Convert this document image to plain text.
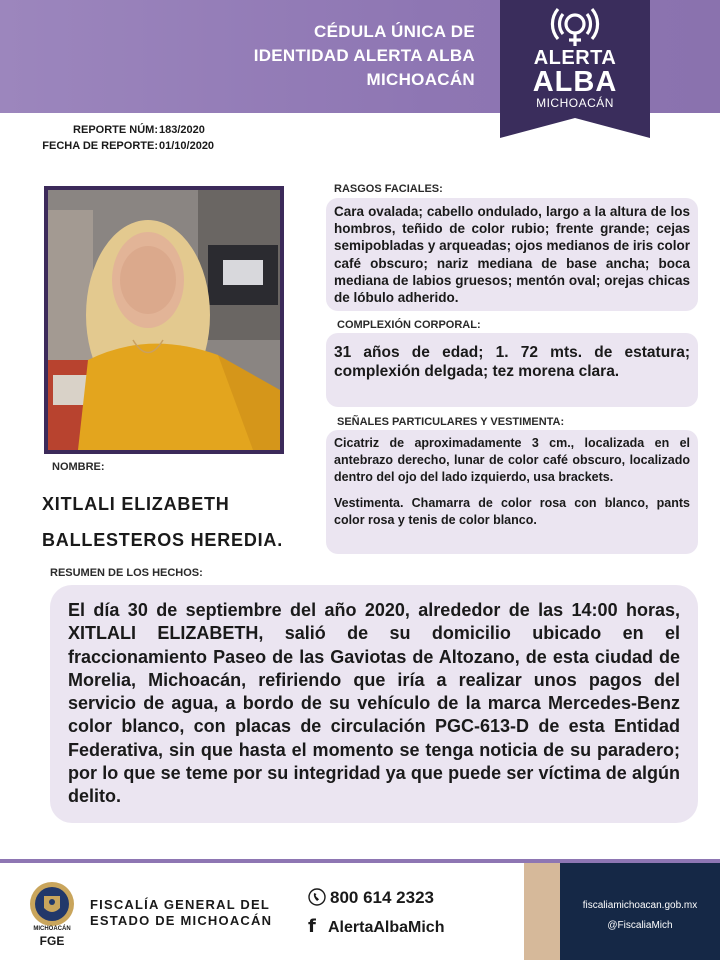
CÉDULA ÚNICA DE
IDENTIDAD ALERTA ALBA
MICHOACÁN
ALERTA
ALBA
MICHOACÁN
REPORTE NÚM:
FECHA DE REPORTE:
183/2020
01/10/2020
NOMBRE:
XITLALI ELIZABETH
BALLESTEROS HEREDIA.
RASGOS FACIALES:
Cara ovalada; cabello ondulado, largo a la altura de los hombros, teñido de color rubio; frente grande; cejas semipobladas y arqueadas; ojos medianos de iris color café obscuro; nariz mediana de base ancha; boca mediana de labios gruesos; mentón oval; orejas chicas de lóbulo adherido.
COMPLEXIÓN CORPORAL:
31 años de edad; 1. 72 mts. de estatura; complexión delgada; tez morena clara.
SEÑALES PARTICULARES Y VESTIMENTA:
Cicatriz de aproximadamente 3 cm., localizada en el antebrazo derecho, lunar de color café obscuro, localizado dentro del ojo del lado izquierdo, usa brackets.
Vestimenta. Chamarra de color rosa con blanco, pants color rosa y tenis de color blanco.
RESUMEN DE LOS HECHOS:

El día 30 de septiembre del año 2020, alrededor de las 14:00 horas, XITLALI ELIZABETH, salió de su domicilio ubicado en el fraccionamiento Paseo de las Gaviotas de Altozano, de esta ciudad de Morelia, Michoacán, refiriendo que iría a realizar unos pagos del servicio de agua, a bordo de su vehículo de la marca Mercedes-Benz color blanco, con placas de circulación PGC-613-D de esta Entidad Federativa, sin que hasta el momento se tenga noticia de su paradero; por lo que se teme por su integridad ya que puede ser víctima de algún delito.

MICHOACÁN
FGE
FISCALÍA GENERAL DEL
ESTADO DE MICHOACÁN
800 614 2323
f AlertaAlbaMich
fiscaliamichoacan.gob.mx
@FiscaliaMich
